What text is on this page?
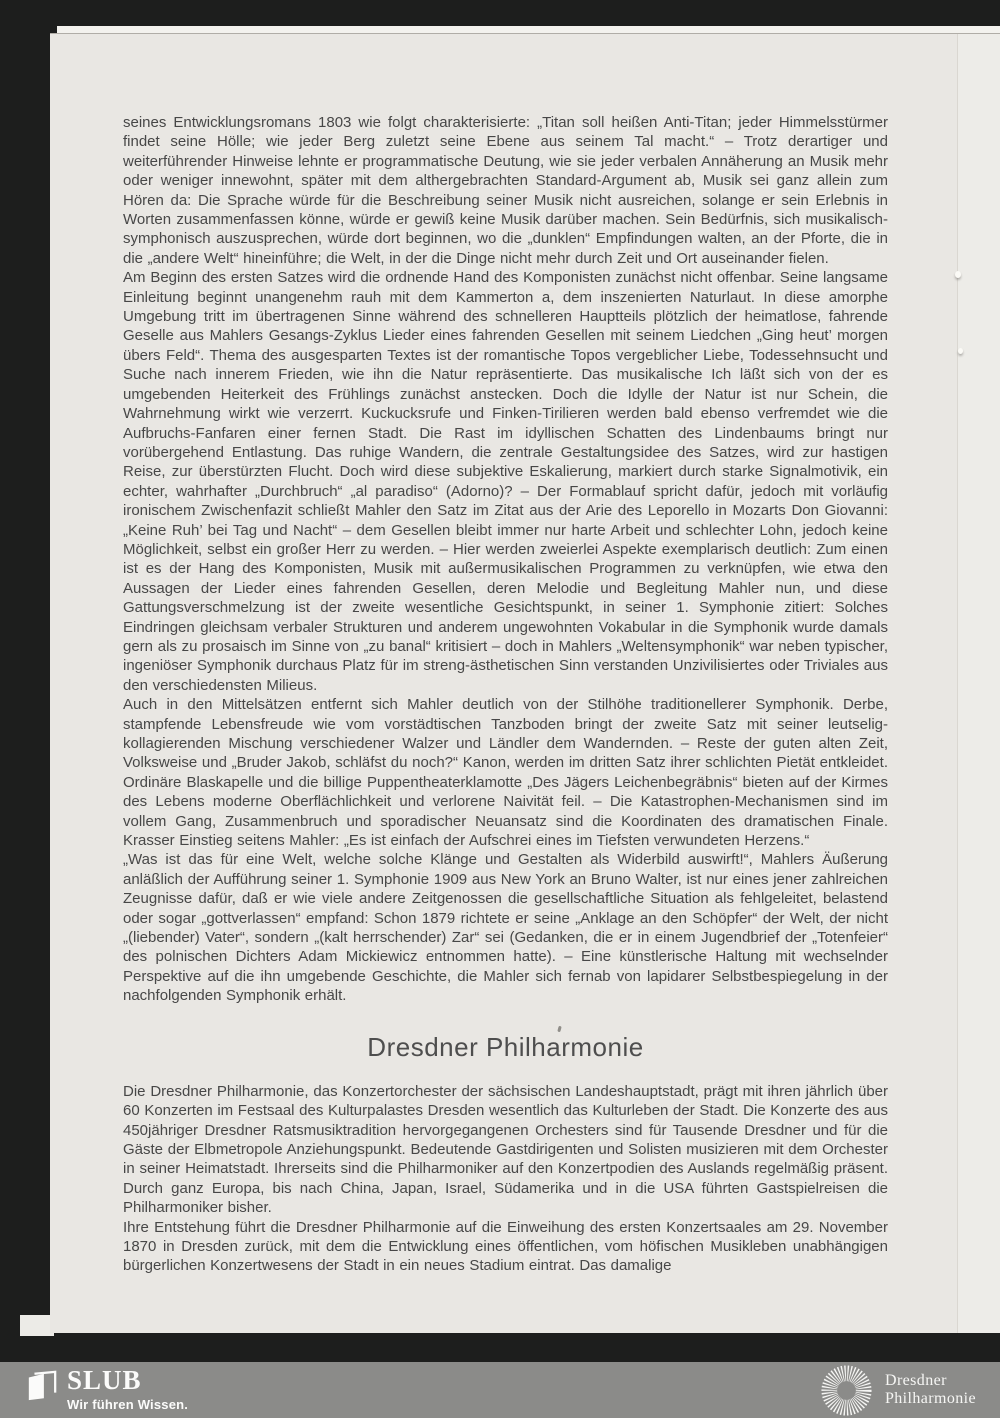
seines Entwicklungsromans 1803 wie folgt charakterisierte: „Titan soll heißen Anti-Titan; jeder Himmelsstürmer findet seine Hölle; wie jeder Berg zuletzt seine Ebene aus seinem Tal macht.“ – Trotz derartiger und weiterführender Hinweise lehnte er programmatische Deutung, wie sie jeder verbalen Annäherung an Musik mehr oder weniger innewohnt, später mit dem althergebrachten Standard-Argument ab, Musik sei ganz allein zum Hören da: Die Sprache würde für die Beschreibung seiner Musik nicht ausreichen, solange er sein Erlebnis in Worten zusammenfassen könne, würde er gewiß keine Musik darüber machen. Sein Bedürfnis, sich musikalisch-symphonisch auszusprechen, würde dort beginnen, wo die „dunklen“ Empfindungen walten, an der Pforte, die in die „andere Welt“ hineinführe; die Welt, in der die Dinge nicht mehr durch Zeit und Ort auseinander fielen.

Am Beginn des ersten Satzes wird die ordnende Hand des Komponisten zunächst nicht offenbar. Seine langsame Einleitung beginnt unangenehm rauh mit dem Kammerton a, dem inszenierten Naturlaut. In diese amorphe Umgebung tritt im übertragenen Sinne während des schnelleren Hauptteils plötzlich der heimatlose, fahrende Geselle aus Mahlers Gesangs-Zyklus Lieder eines fahrenden Gesellen mit seinem Liedchen „Ging heut’ morgen übers Feld“. Thema des ausgesparten Textes ist der romantische Topos vergeblicher Liebe, Todessehnsucht und Suche nach innerem Frieden, wie ihn die Natur repräsentierte. Das musikalische Ich läßt sich von der es umgebenden Heiterkeit des Frühlings zunächst anstecken. Doch die Idylle der Natur ist nur Schein, die Wahrnehmung wirkt wie verzerrt. Kuckucksrufe und Finken-Tirilieren werden bald ebenso verfremdet wie die Aufbruchs-Fanfaren einer fernen Stadt. Die Rast im idyllischen Schatten des Lindenbaums bringt nur vorübergehend Entlastung. Das ruhige Wandern, die zentrale Gestaltungsidee des Satzes, wird zur hastigen Reise, zur überstürzten Flucht. Doch wird diese subjektive Eskalierung, markiert durch starke Signalmotivik, ein echter, wahrhafter „Durchbruch“ „al paradiso“ (Adorno)? – Der Formablauf spricht dafür, jedoch mit vorläufig ironischem Zwischenfazit schließt Mahler den Satz im Zitat aus der Arie des Leporello in Mozarts Don Giovanni: „Keine Ruh’ bei Tag und Nacht“ – dem Gesellen bleibt immer nur harte Arbeit und schlechter Lohn, jedoch keine Möglichkeit, selbst ein großer Herr zu werden. – Hier werden zweierlei Aspekte exemplarisch deutlich: Zum einen ist es der Hang des Komponisten, Musik mit außermusikalischen Programmen zu verknüpfen, wie etwa den Aussagen der Lieder eines fahrenden Gesellen, deren Melodie und Begleitung Mahler nun, und diese Gattungsverschmelzung ist der zweite wesentliche Gesichtspunkt, in seiner 1. Symphonie zitiert: Solches Eindringen gleichsam verbaler Strukturen und anderem ungewohnten Vokabular in die Symphonik wurde damals gern als zu prosaisch im Sinne von „zu banal“ kritisiert – doch in Mahlers „Weltensymphonik“ war neben typischer, ingeniöser Symphonik durchaus Platz für im streng-ästhetischen Sinn verstanden Unzivilisiertes oder Triviales aus den verschiedensten Milieus.

Auch in den Mittelsätzen entfernt sich Mahler deutlich von der Stilhöhe traditionellerer Symphonik. Derbe, stampfende Lebensfreude wie vom vorstädtischen Tanzboden bringt der zweite Satz mit seiner leutselig-kollagierenden Mischung verschiedener Walzer und Ländler dem Wandernden. – Reste der guten alten Zeit, Volksweise und „Bruder Jakob, schläfst du noch?“ Kanon, werden im dritten Satz ihrer schlichten Pietät entkleidet. Ordinäre Blaskapelle und die billige Puppentheaterklamotte „Des Jägers Leichenbegräbnis“ bieten auf der Kirmes des Lebens moderne Oberflächlichkeit und verlorene Naivität feil. – Die Katastrophen-Mechanismen sind im vollem Gang, Zusammenbruch und sporadischer Neuansatz sind die Koordinaten des dramatischen Finale. Krasser Einstieg seitens Mahler: „Es ist einfach der Aufschrei eines im Tiefsten verwundeten Herzens.“

„Was ist das für eine Welt, welche solche Klänge und Gestalten als Widerbild auswirft!“, Mahlers Äußerung anläßlich der Aufführung seiner 1. Symphonie 1909 aus New York an Bruno Walter, ist nur eines jener zahlreichen Zeugnisse dafür, daß er wie viele andere Zeitgenossen die gesellschaftliche Situation als fehlgeleitet, belastend oder sogar „gottverlassen“ empfand: Schon 1879 richtete er seine „Anklage an den Schöpfer“ der Welt, der nicht „(liebender) Vater“, sondern „(kalt herrschender) Zar“ sei (Gedanken, die er in einem Jugendbrief der „Totenfeier“ des polnischen Dichters Adam Mickiewicz entnommen hatte). – Eine künstlerische Haltung mit wechselnder Perspektive auf die ihn umgebende Geschichte, die Mahler sich fernab von lapidarer Selbstbespiegelung in der nachfolgenden Symphonik erhält.

Dresdner Philharmonie

Die Dresdner Philharmonie, das Konzertorchester der sächsischen Landeshauptstadt, prägt mit ihren jährlich über 60 Konzerten im Festsaal des Kulturpalastes Dresden wesentlich das Kulturleben der Stadt. Die Konzerte des aus 450jähriger Dresdner Ratsmusiktradition hervorgegangenen Orchesters sind für Tausende Dresdner und für die Gäste der Elbmetropole Anziehungspunkt. Bedeutende Gastdirigenten und Solisten musizieren mit dem Orchester in seiner Heimatstadt. Ihrerseits sind die Philharmoniker auf den Konzertpodien des Auslands regelmäßig präsent. Durch ganz Europa, bis nach China, Japan, Israel, Südamerika und in die USA führten Gastspielreisen die Philharmoniker bisher.

Ihre Entstehung führt die Dresdner Philharmonie auf die Einweihung des ersten Konzertsaales am 29. November 1870 in Dresden zurück, mit dem die Entwicklung eines öffentlichen, vom höfischen Musikleben unabhängigen bürgerlichen Konzertwesens der Stadt in ein neues Stadium eintrat. Das damalige

SLUB
Wir führen Wissen.
Dresdner
Philharmonie
